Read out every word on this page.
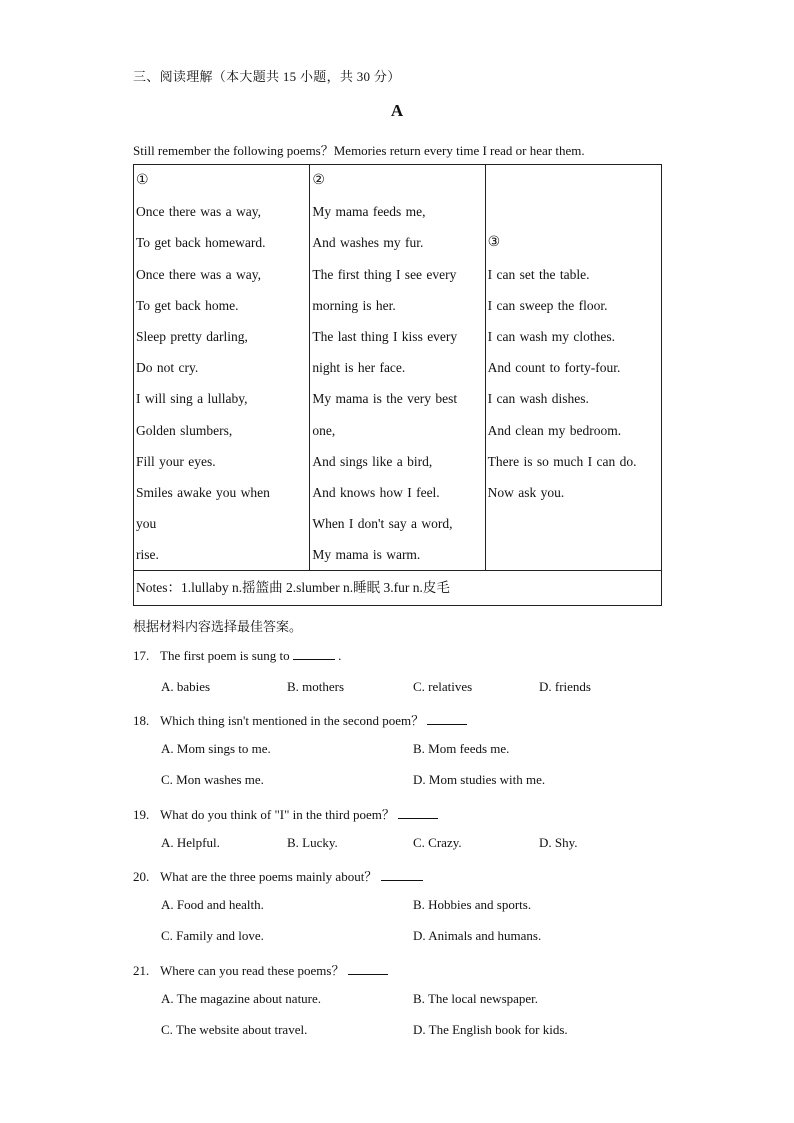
三、阅读理解（本大题共 15 小题，共 30 分）
A
Still remember the following poems？Memories return every time I read or hear them.
①
Once there was a way,
To get back homeward.
Once there was a way,
To get back home.
Sleep pretty darling,
Do not cry.
I will sing a lullaby,
Golden slumbers,
Fill your eyes.
Smiles awake you when
you
rise.

②
My mama feeds me,
And washes my fur.
The first thing I see every
morning is her.
The last thing I kiss every
night is her face.
My mama is the very best
one,
And sings like a bird,
And knows how I feel.
When I don't say a word,
My mama is warm.

③
I can set the table.
I can sweep the floor.
I can wash my clothes.
And count to forty-four.
I can wash dishes.
And clean my bedroom.
There is so much I can do.
Now ask you.

Notes：1.lullaby n.摇篮曲 2.slumber n.睡眠 3.fur n.皮毛
根据材料内容选择最佳答案。
17. The first poem is sung to	.
A. babies	B. mothers	C. relatives	D. friends
18. Which thing isn't mentioned in the second poem？
A. Mom sings to me.	B. Mom feeds me.
C. Mon washes me.	D. Mom studies with me.
19. What do you think of "I" in the third poem？
A. Helpful.	B. Lucky.	C. Crazy.	D. Shy.
20. What are the three poems mainly about？
A. Food and health.	B. Hobbies and sports.
C. Family and love.	D. Animals and humans.
21. Where can you read these poems？
A. The magazine about nature.	B. The local newspaper.
C. The website about travel.	D. The English book for kids.
